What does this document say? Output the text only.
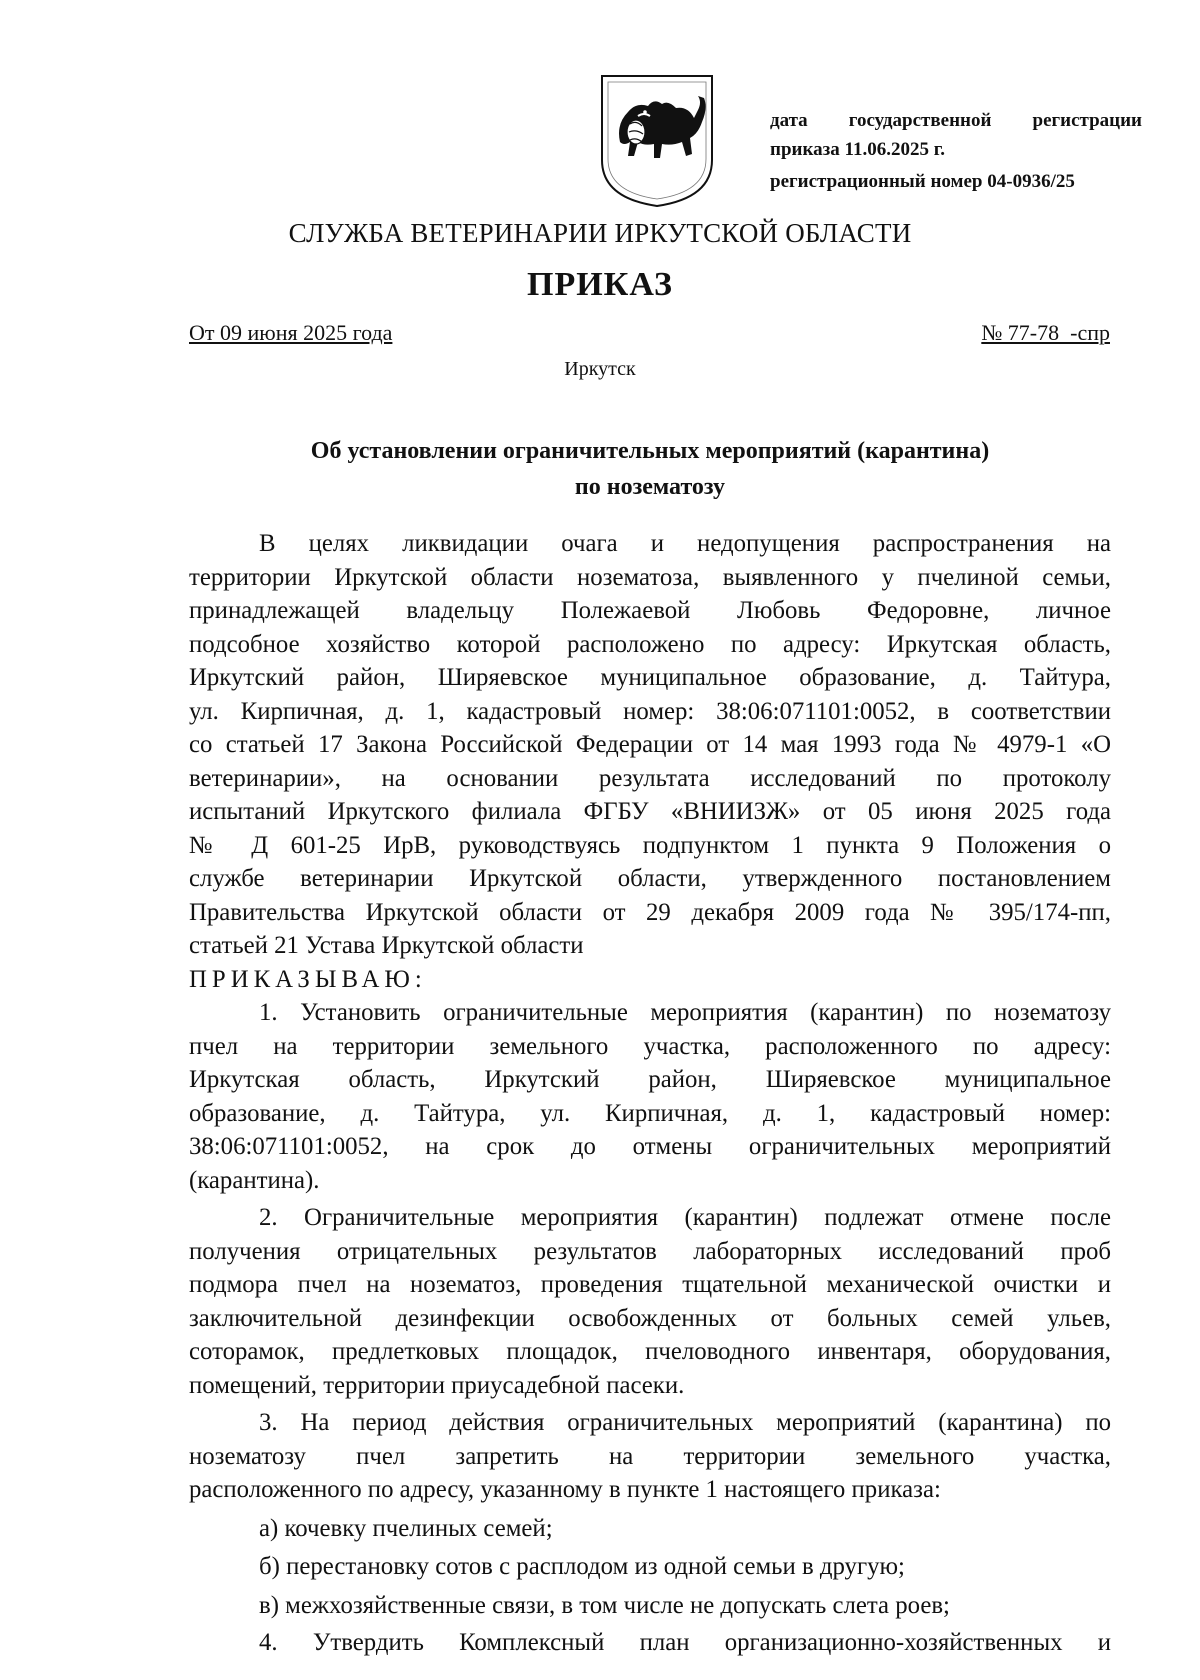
дата государственной регистрации
приказа 11.06.2025 г.
регистрационный номер 04-0936/25
СЛУЖБА ВЕТЕРИНАРИИ ИРКУТСКОЙ ОБЛАСТИ
ПРИКАЗ
От 09 июня 2025 года	№ 77-78  -спр
Иркутск
Об установлении ограничительных мероприятий (карантина)
по нозематозу
В целях ликвидации очага и недопущения распространения на
территории Иркутской области нозематоза, выявленного у пчелиной семьи,
принадлежащей владельцу Полежаевой Любовь Федоровне, личное
подсобное хозяйство которой расположено по адресу: Иркутская область,
Иркутский район, Ширяевское муниципальное образование, д. Тайтура,
ул. Кирпичная, д. 1, кадастровый номер: 38:06:071101:0052, в соответствии
со статьей 17 Закона Российской Федерации от 14 мая 1993 года № 4979-1 «О
ветеринарии», на основании результата исследований по протоколу
испытаний Иркутского филиала ФГБУ «ВНИИЗЖ» от 05 июня 2025 года
№ Д 601-25 ИрВ, руководствуясь подпунктом 1 пункта 9 Положения о
службе ветеринарии Иркутской области, утвержденного постановлением
Правительства Иркутской области от 29 декабря 2009 года № 395/174-пп,
статьей 21 Устава Иркутской области
ПРИКАЗЫВАЮ:
1. Установить ограничительные мероприятия (карантин) по нозематозу
пчел на территории земельного участка, расположенного по адресу:
Иркутская область, Иркутский район, Ширяевское муниципальное
образование, д. Тайтура, ул. Кирпичная, д. 1, кадастровый номер:
38:06:071101:0052, на срок до отмены ограничительных мероприятий
(карантина).
2. Ограничительные мероприятия (карантин) подлежат отмене после
получения отрицательных результатов лабораторных исследований проб
подмора пчел на нозематоз, проведения тщательной механической очистки и
заключительной дезинфекции освобожденных от больных семей ульев,
соторамок, предлетковых площадок, пчеловодного инвентаря, оборудования,
помещений, территории приусадебной пасеки.
3. На период действия ограничительных мероприятий (карантина) по
нозематозу пчел запретить на территории земельного участка,
расположенного по адресу, указанному в пункте 1 настоящего приказа:
а) кочевку пчелиных семей;
б) перестановку сотов с расплодом из одной семьи в другую;
в) межхозяйственные связи, в том числе не допускать слета роев;
4. Утвердить Комплексный план организационно-хозяйственных и
